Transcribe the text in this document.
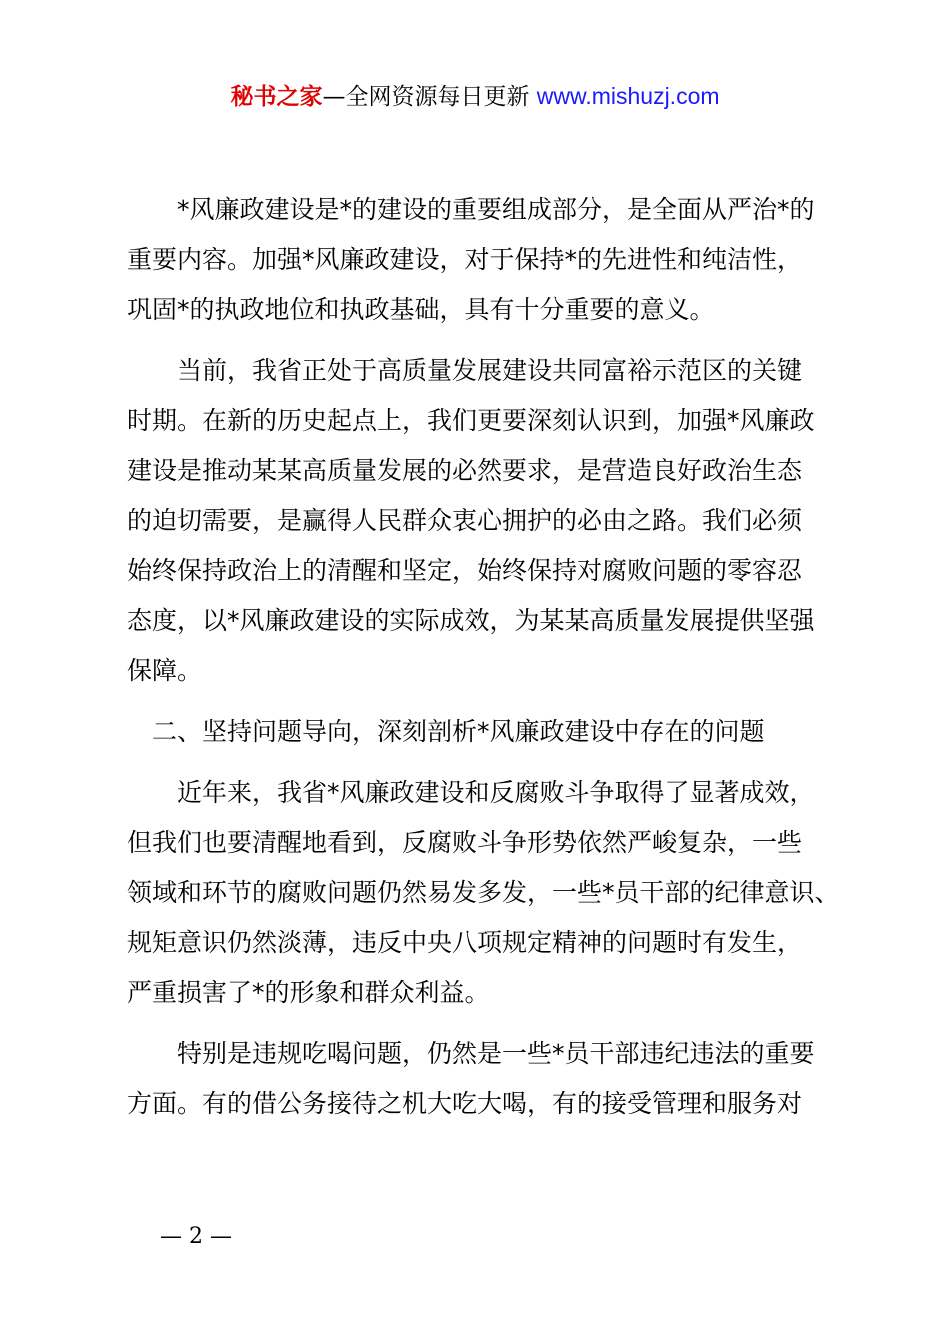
秘书之家—全网资源每日更新 www.mishuzj.com

*风廉政建设是*的建设的重要组成部分，是全面从严治*的
重要内容。加强*风廉政建设，对于保持*的先进性和纯洁性，
巩固*的执政地位和执政基础，具有十分重要的意义。

当前，我省正处于高质量发展建设共同富裕示范区的关键
时期。在新的历史起点上，我们更要深刻认识到，加强*风廉政
建设是推动某某高质量发展的必然要求，是营造良好政治生态
的迫切需要，是赢得人民群众衷心拥护的必由之路。我们必须
始终保持政治上的清醒和坚定，始终保持对腐败问题的零容忍
态度，以*风廉政建设的实际成效，为某某高质量发展提供坚强
保障。

二、坚持问题导向，深刻剖析*风廉政建设中存在的问题

近年来，我省*风廉政建设和反腐败斗争取得了显著成效，
但我们也要清醒地看到，反腐败斗争形势依然严峻复杂，一些
领域和环节的腐败问题仍然易发多发，一些*员干部的纪律意识、
规矩意识仍然淡薄，违反中央八项规定精神的问题时有发生，
严重损害了*的形象和群众利益。

特别是违规吃喝问题，仍然是一些*员干部违纪违法的重要
方面。有的借公务接待之机大吃大喝，有的接受管理和服务对

— 2 —
